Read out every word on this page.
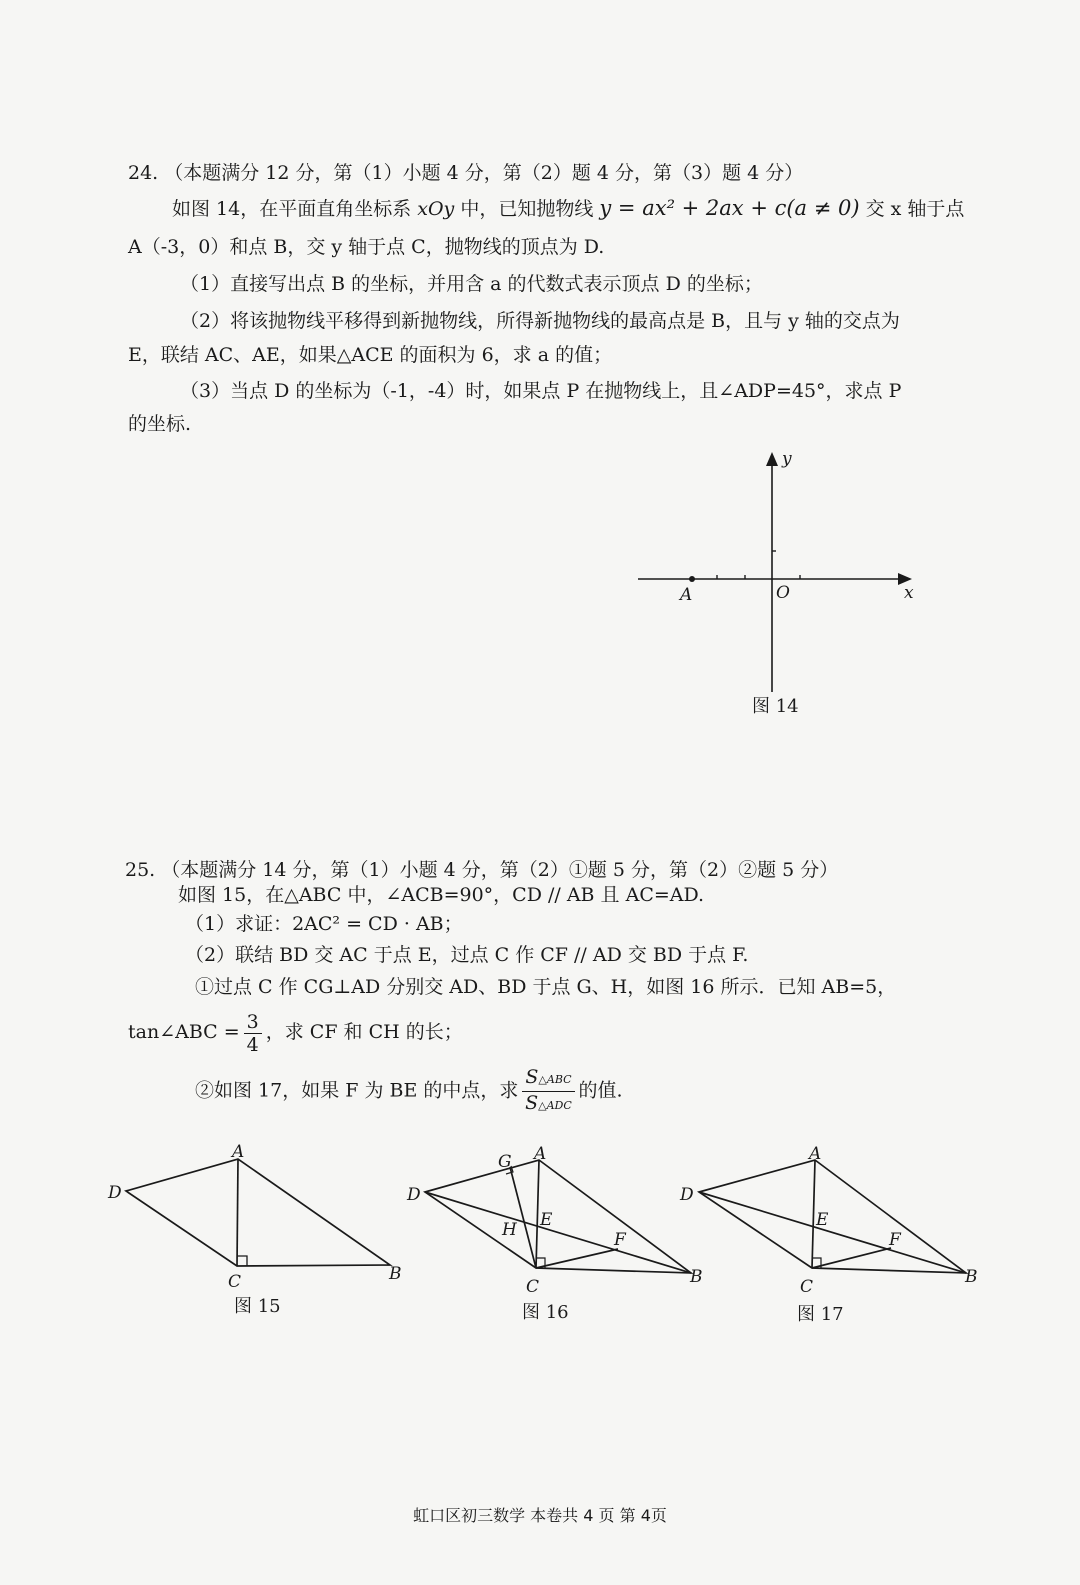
24. （本题满分 12 分，第（1）小题 4 分，第（2）题 4 分，第（3）题 4 分）
如图 14，在平面直角坐标系 xOy 中，已知抛物线 y = ax² + 2ax + c(a ≠ 0) 交 x 轴于点
A（-3，0）和点 B，交 y 轴于点 C，抛物线的顶点为 D.
（1）直接写出点 B 的坐标，并用含 a 的代数式表示顶点 D 的坐标；
（2）将该抛物线平移得到新抛物线，所得新抛物线的最高点是 B，且与 y 轴的交点为
E，联结 AC、AE，如果△ACE 的面积为 6，求 a 的值；
（3）当点 D 的坐标为（-1，-4）时，如果点 P 在抛物线上，且∠ADP=45°，求点 P
的坐标.
A	O
y
x
图 14
25. （本题满分 14 分，第（1）小题 4 分，第（2）①题 5 分，第（2）②题 5 分）
如图 15，在△ABC 中，∠ACB=90°，CD // AB 且 AC=AD.
（1）求证：2AC² = CD · AB；
（2）联结 BD 交 AC 于点 E，过点 C 作 CF // AD 交 BD 于点 F.
①过点 C 作 CG⊥AD 分别交 AD、BD 于点 G、H，如图 16 所示．已知 AB=5，
tan∠ABC = $\frac{3}{4}$ ，求 CF 和 CH 的长；
②如图 17，如果 F 为 BE 的中点，求 $\frac{\text{S△ABC}}{\text{S△ADC}}$ 的值.
A
D
C	B
图 15
A
G
D
H E
F
C	B
图 16
A
D
E
F
C	B
图 17
虹口区初三数学 本卷共 4 页 第 4页
